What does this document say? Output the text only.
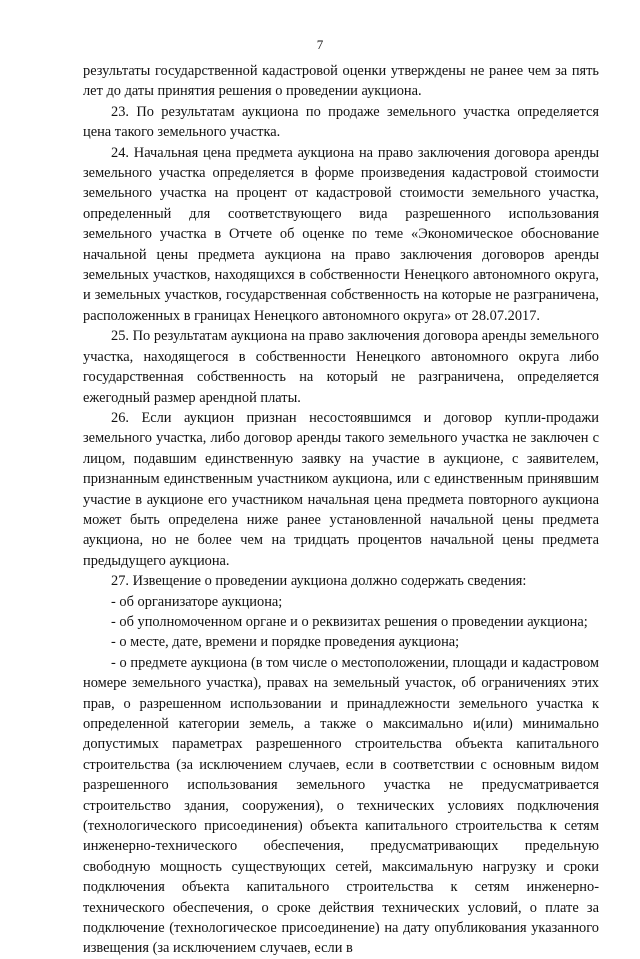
7

результаты государственной кадастровой оценки утверждены не ранее чем за пять лет до даты принятия решения о проведении аукциона.

23. По результатам аукциона по продаже земельного участка определяется цена такого земельного участка.

24. Начальная цена предмета аукциона на право заключения договора аренды земельного участка определяется в форме произведения кадастровой стоимости земельного участка на процент от кадастровой стоимости земельного участка, определенный для соответствующего вида разрешенного использования земельного участка в Отчете об оценке по теме «Экономическое обоснование начальной цены предмета аукциона на право заключения договоров аренды земельных участков, находящихся в собственности Ненецкого автономного округа, и земельных участков, государственная собственность на которые не разграничена, расположенных в границах Ненецкого автономного округа» от 28.07.2017.

25. По результатам аукциона на право заключения договора аренды земельного участка, находящегося в собственности Ненецкого автономного округа либо государственная собственность на который не разграничена, определяется ежегодный размер арендной платы.

26. Если аукцион признан несостоявшимся и договор купли-продажи земельного участка, либо договор аренды такого земельного участка не заключен с лицом, подавшим единственную заявку на участие в аукционе, с заявителем, признанным единственным участником аукциона, или с единственным принявшим участие в аукционе его участником начальная цена предмета повторного аукциона может быть определена ниже ранее установленной начальной цены предмета аукциона, но не более чем на тридцать процентов начальной цены предмета предыдущего аукциона.

27. Извещение о проведении аукциона должно содержать сведения:

- об организаторе аукциона;

- об уполномоченном органе и о реквизитах решения о проведении аукциона;

- о месте, дате, времени и порядке проведения аукциона;

- о предмете аукциона (в том числе о местоположении, площади и кадастровом номере земельного участка), правах на земельный участок, об ограничениях этих прав, о разрешенном использовании и принадлежности земельного участка к определенной категории земель, а также о максимально и(или) минимально допустимых параметрах разрешенного строительства объекта капитального строительства (за исключением случаев, если в соответствии с основным видом разрешенного использования земельного участка не предусматривается строительство здания, сооружения), о технических условиях подключения (технологического присоединения) объекта капитального строительства к сетям инженерно-технического обеспечения, предусматривающих предельную свободную мощность существующих сетей, максимальную нагрузку и сроки подключения объекта капитального строительства к сетям инженерно-технического обеспечения, о сроке действия технических условий, о плате за подключение (технологическое присоединение) на дату опубликования указанного извещения (за исключением случаев, если в
